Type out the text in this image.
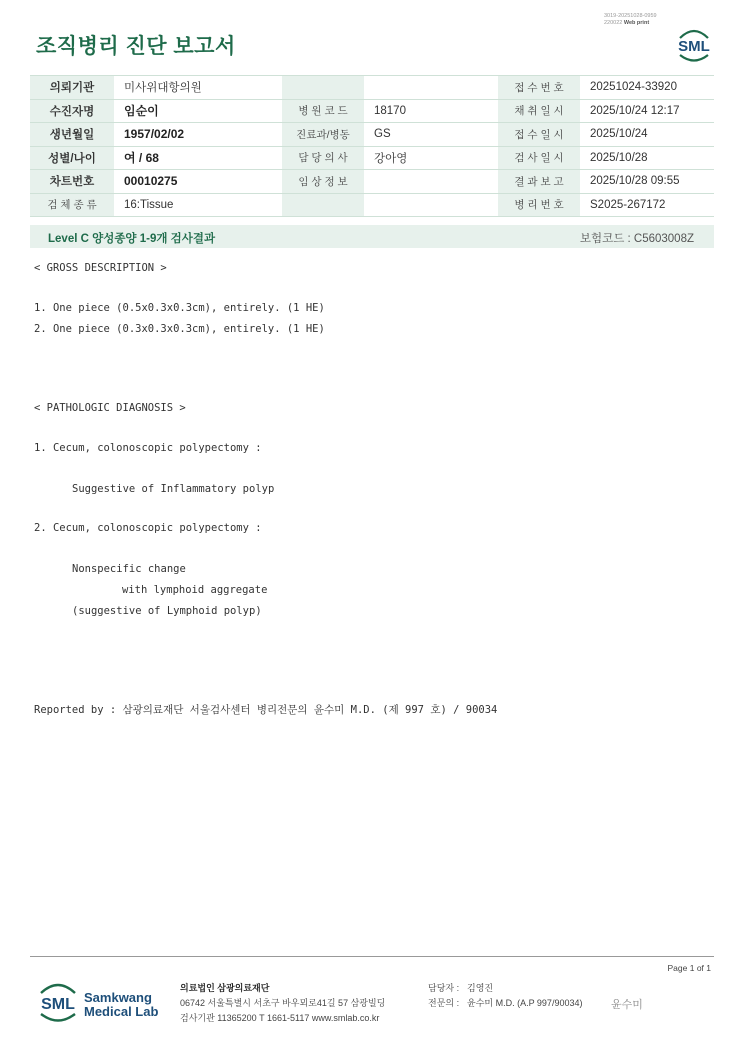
3019-20251028-0959
220022 Web print
조직병리 진단 보고서	SML
의뢰기관	미사위대항의원			접 수 번 호	20251024-33920
수진자명	임순이	병 원 코 드	18170	채 취 일 시	2025/10/24 12:17
생년월일	1957/02/02	진료과/병동	GS	접 수 일 시	2025/10/24
성별/나이	여 / 68	담 당 의 사	강아영	검 사 일 시	2025/10/28
차트번호	00010275	임 상 정 보		결 과 보 고	2025/10/28 09:55
검 체 종 류	16:Tissue			병 리 번 호	S2025-267172
Level C 양성종양 1-9개 검사결과	보험코드 : C5603008Z
< GROSS DESCRIPTION >
1. One piece (0.5x0.3x0.3cm), entirely. (1 HE)
2. One piece (0.3x0.3x0.3cm), entirely. (1 HE)
< PATHOLOGIC DIAGNOSIS >
1. Cecum, colonoscopic polypectomy :
Suggestive of Inflammatory polyp
2. Cecum, colonoscopic polypectomy :
Nonspecific change
with lymphoid aggregate
(suggestive of Lymphoid polyp)
Reported by : 삼광의료재단 서울검사센터 병리전문의 윤수미 M.D. (제 997 호) / 90034
Page 1 of 1
SML Samkwang
Medical Lab
의료법인 삼광의료재단
06742 서울특별시 서초구 바우뫼로41길 57 삼광빌딩
검사기관 11365200 T 1661-5117 www.smlab.co.kr
담당자 : 김영진
전문의 : 윤수미 M.D. (A.P 997/90034)	윤수미
